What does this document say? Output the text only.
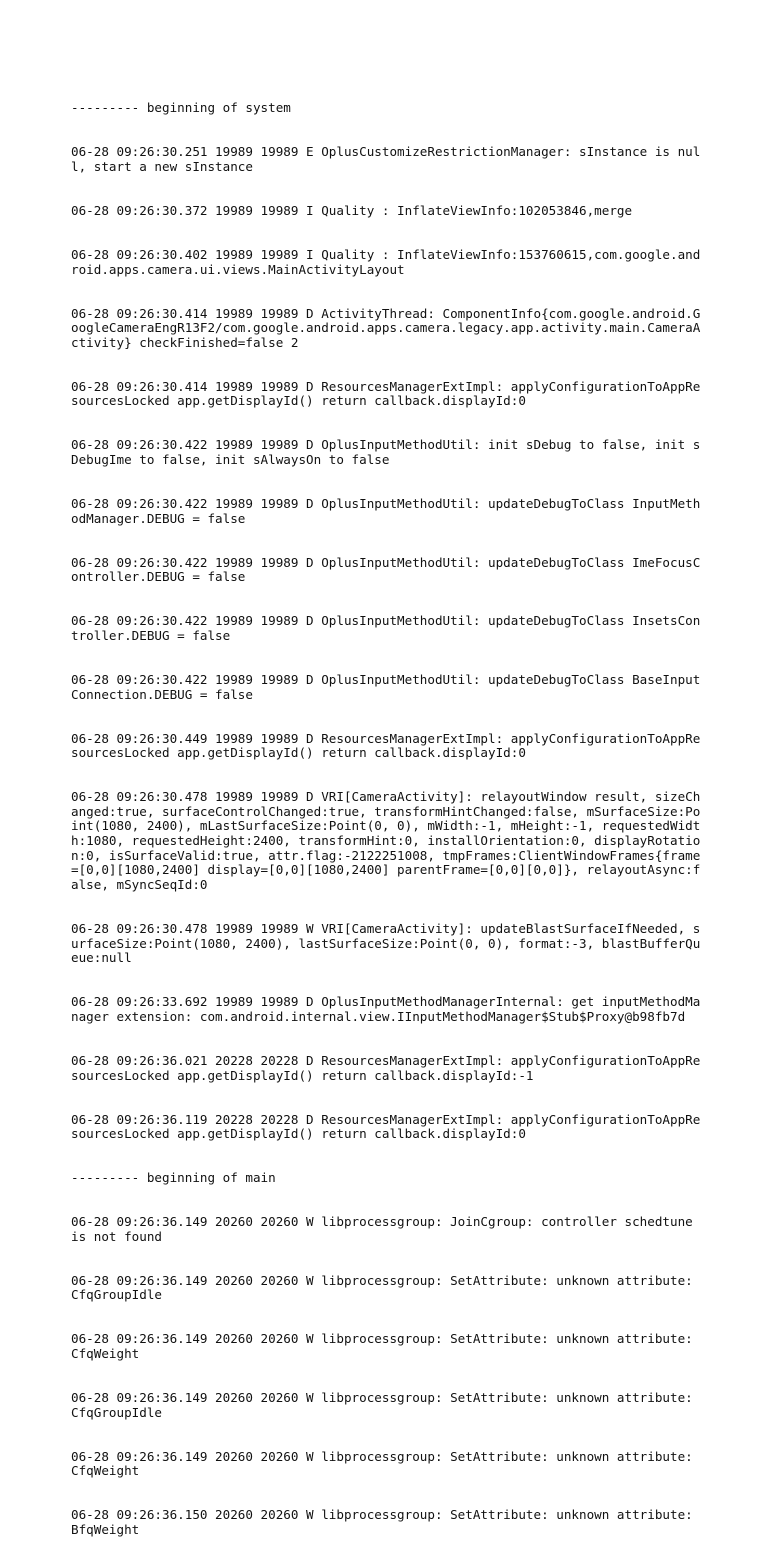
--------- beginning of system

06-28 09:26:30.251 19989 19989 E OplusCustomizeRestrictionManager: sInstance is null, start a new sInstance

06-28 09:26:30.372 19989 19989 I Quality : InflateViewInfo:102053846,merge

06-28 09:26:30.402 19989 19989 I Quality : InflateViewInfo:153760615,com.google.android.apps.camera.ui.views.MainActivityLayout

06-28 09:26:30.414 19989 19989 D ActivityThread: ComponentInfo{com.google.android.GoogleCameraEngR13F2/com.google.android.apps.camera.legacy.app.activity.main.CameraActivity} checkFinished=false 2

06-28 09:26:30.414 19989 19989 D ResourcesManagerExtImpl: applyConfigurationToAppResourcesLocked app.getDisplayId() return callback.displayId:0

06-28 09:26:30.422 19989 19989 D OplusInputMethodUtil: init sDebug to false, init sDebugIme to false, init sAlwaysOn to false

06-28 09:26:30.422 19989 19989 D OplusInputMethodUtil: updateDebugToClass InputMethodManager.DEBUG = false

06-28 09:26:30.422 19989 19989 D OplusInputMethodUtil: updateDebugToClass ImeFocusController.DEBUG = false

06-28 09:26:30.422 19989 19989 D OplusInputMethodUtil: updateDebugToClass InsetsController.DEBUG = false

06-28 09:26:30.422 19989 19989 D OplusInputMethodUtil: updateDebugToClass BaseInputConnection.DEBUG = false

06-28 09:26:30.449 19989 19989 D ResourcesManagerExtImpl: applyConfigurationToAppResourcesLocked app.getDisplayId() return callback.displayId:0

06-28 09:26:30.478 19989 19989 D VRI[CameraActivity]: relayoutWindow result, sizeChanged:true, surfaceControlChanged:true, transformHintChanged:false, mSurfaceSize:Point(1080, 2400), mLastSurfaceSize:Point(0, 0), mWidth:-1, mHeight:-1, requestedWidth:1080, requestedHeight:2400, transformHint:0, installOrientation:0, displayRotation:0, isSurfaceValid:true, attr.flag:-2122251008, tmpFrames:ClientWindowFrames{frame=[0,0][1080,2400] display=[0,0][1080,2400] parentFrame=[0,0][0,0]}, relayoutAsync:false, mSyncSeqId:0

06-28 09:26:30.478 19989 19989 W VRI[CameraActivity]: updateBlastSurfaceIfNeeded, surfaceSize:Point(1080, 2400), lastSurfaceSize:Point(0, 0), format:-3, blastBufferQueue:null

06-28 09:26:33.692 19989 19989 D OplusInputMethodManagerInternal: get inputMethodManager extension: com.android.internal.view.IInputMethodManager$Stub$Proxy@b98fb7d

06-28 09:26:36.021 20228 20228 D ResourcesManagerExtImpl: applyConfigurationToAppResourcesLocked app.getDisplayId() return callback.displayId:-1

06-28 09:26:36.119 20228 20228 D ResourcesManagerExtImpl: applyConfigurationToAppResourcesLocked app.getDisplayId() return callback.displayId:0

--------- beginning of main

06-28 09:26:36.149 20260 20260 W libprocessgroup: JoinCgroup: controller schedtune is not found

06-28 09:26:36.149 20260 20260 W libprocessgroup: SetAttribute: unknown attribute: CfqGroupIdle

06-28 09:26:36.149 20260 20260 W libprocessgroup: SetAttribute: unknown attribute: CfqWeight

06-28 09:26:36.149 20260 20260 W libprocessgroup: SetAttribute: unknown attribute: CfqGroupIdle

06-28 09:26:36.149 20260 20260 W libprocessgroup: SetAttribute: unknown attribute: CfqWeight

06-28 09:26:36.150 20260 20260 W libprocessgroup: SetAttribute: unknown attribute: BfqWeight
